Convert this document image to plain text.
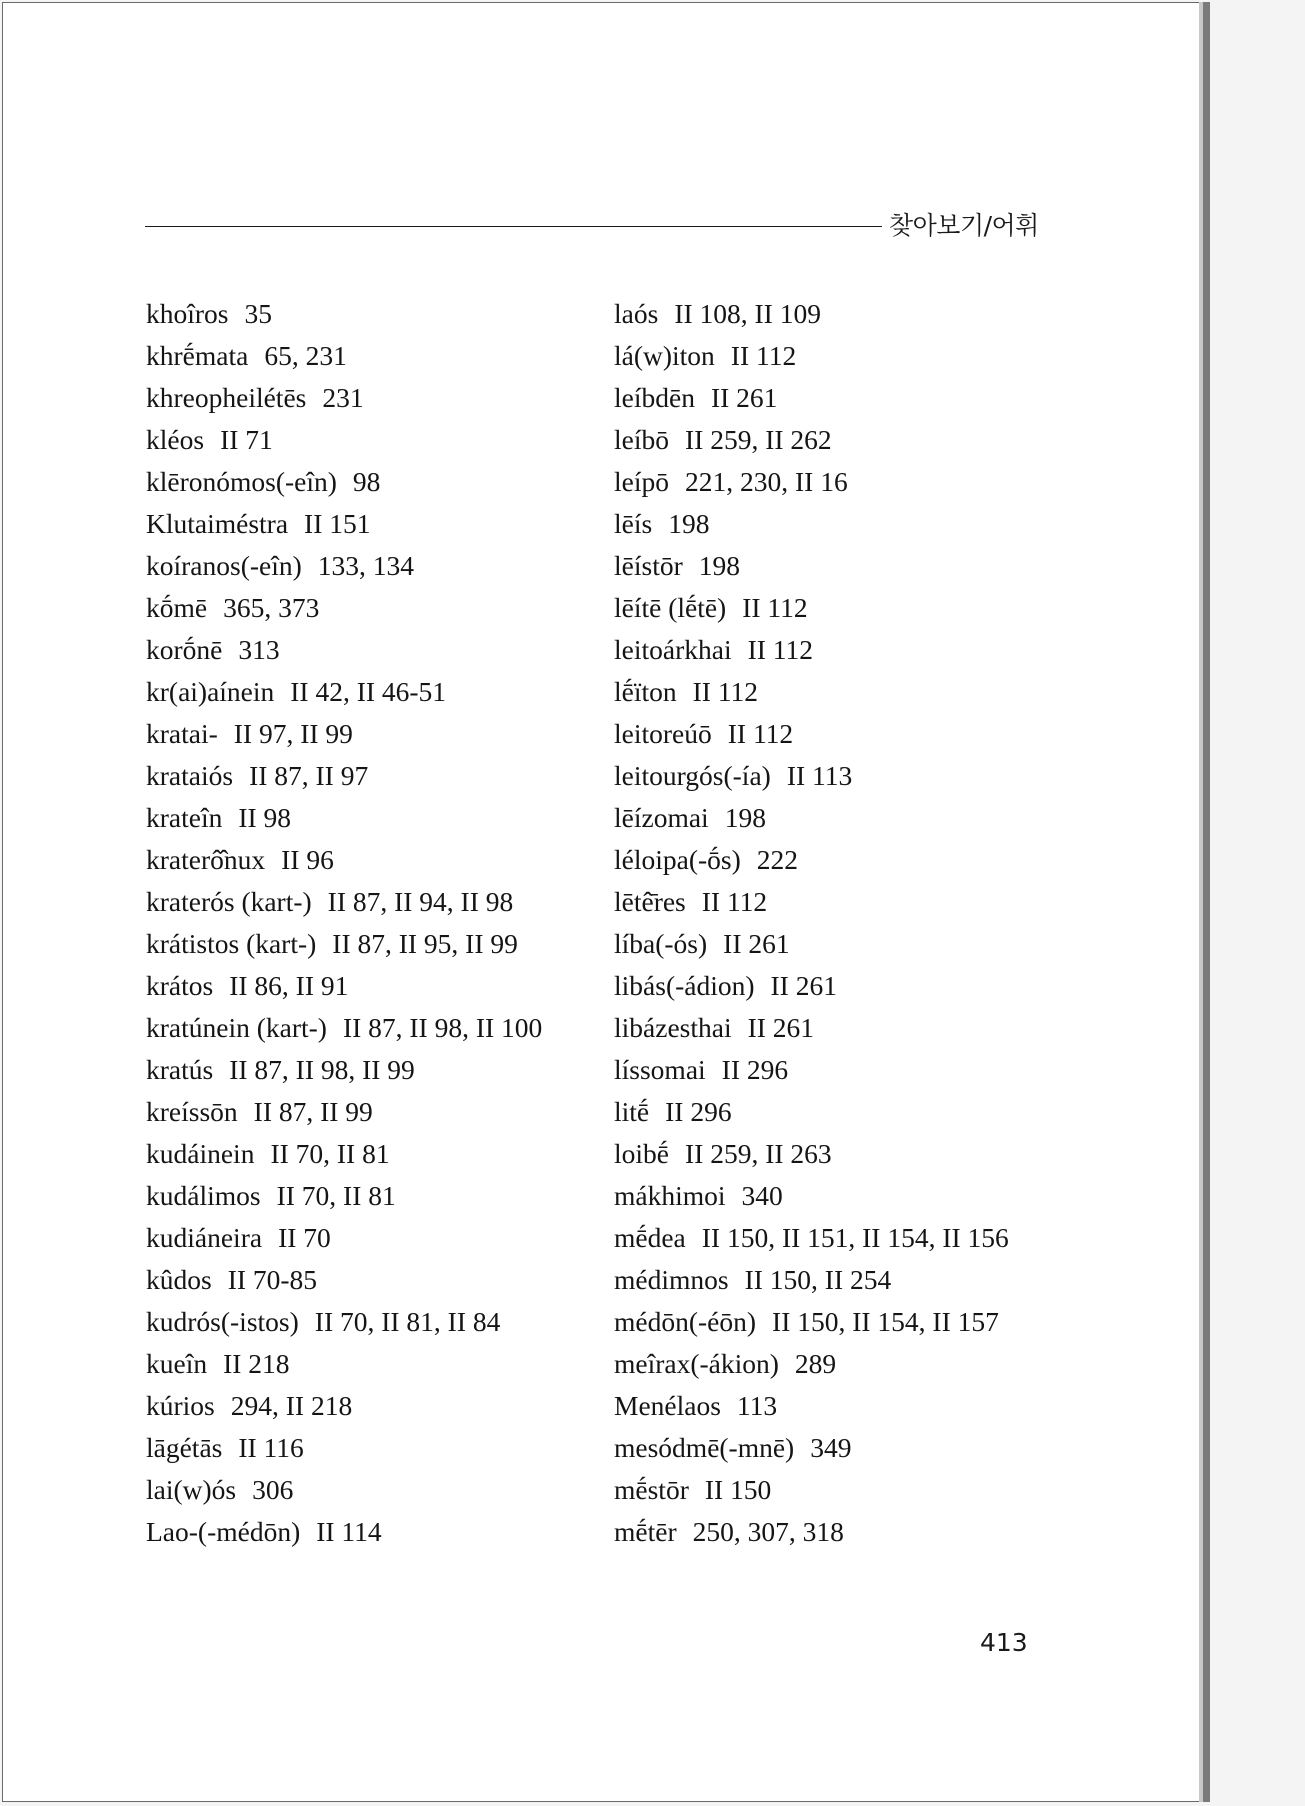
찾아보기/어휘
khoîros 35
khrḗmata 65, 231
khreopheilétēs 231
kléos II 71
klēronómos(-eîn) 98
Klutaiméstra II 151
koíranos(-eîn) 133, 134
kṓmē 365, 373
korṓnē 313
kr(ai)aínein II 42, II 46-51
kratai- II 97, II 99
krataiós II 87, II 97
krateîn II 98
kraterô̂nux II 96
kraterós (kart-) II 87, II 94, II 98
krátistos (kart-) II 87, II 95, II 99
krátos II 86, II 91
kratúnein (kart-) II 87, II 98, II 100
kratús II 87, II 98, II 99
kreíssōn II 87, II 99
kudáinein II 70, II 81
kudálimos II 70, II 81
kudiáneira II 70
kûdos II 70-85
kudrós(-istos) II 70, II 81, II 84
kueîn II 218
kúrios 294, II 218
lāgétās II 116
lai(w)ós 306
Lao-(-médōn) II 114
laós II 108, II 109
lá(w)iton II 112
leíbdēn II 261
leíbō II 259, II 262
leípō 221, 230, II 16
lēís 198
lēístōr 198
lēítē (lḗtē) II 112
leitoárkhai II 112
lḗïton II 112
leitoreúō II 112
leitourgós(-ía) II 113
lēízomai 198
léloipa(-ṓs) 222
lētê̄res II 112
líba(-ós) II 261
libás(-ádion) II 261
libázesthai II 261
líssomai II 296
litḗ II 296
loibḗ II 259, II 263
mákhimoi 340
mḗdea II 150, II 151, II 154, II 156
médimnos II 150, II 254
médōn(-éōn) II 150, II 154, II 157
meîrax(-ákion) 289
Menélaos 113
mesódmē(-mnē) 349
mḗstōr II 150
mḗtēr 250, 307, 318
413
